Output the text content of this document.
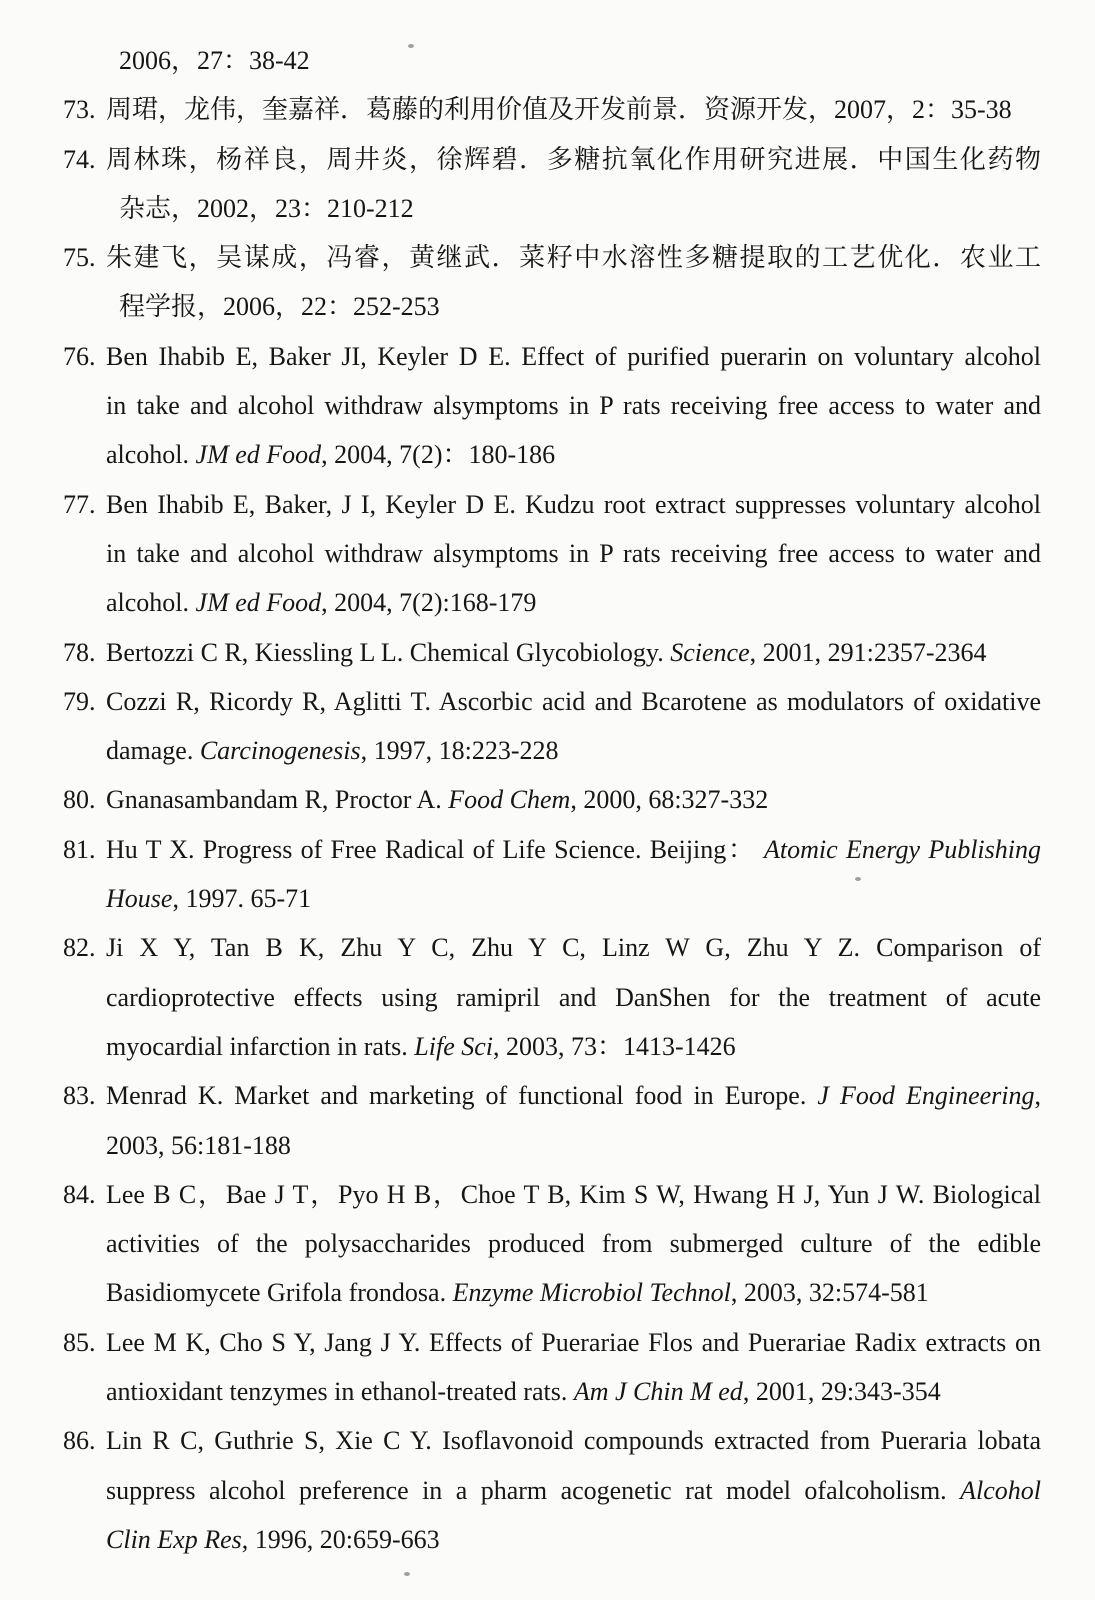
2006，27：38-42
73. 周珺，龙伟，奎嘉祥．葛藤的利用价值及开发前景．资源开发，2007，2：35-38
74. 周林珠，杨祥良，周井炎，徐辉碧．多糖抗氧化作用研究进展．中国生化药物
杂志，2002，23：210-212
75. 朱建飞，吴谋成，冯睿，黄继武．菜籽中水溶性多糖提取的工艺优化．农业工
程学报，2006，22：252-253
76. Ben Ihabib E, Baker JI, Keyler D E. Effect of purified puerarin on voluntary alcohol
in take and alcohol withdraw alsymptoms in P rats receiving free access to water and
alcohol. JM ed Food, 2004, 7(2)：180-186
77. Ben Ihabib E, Baker, J I, Keyler D E. Kudzu root extract suppresses voluntary alcohol
in take and alcohol withdraw alsymptoms in P rats receiving free access to water and
alcohol. JM ed Food, 2004, 7(2):168-179
78. Bertozzi C R, Kiessling L L. Chemical Glycobiology. Science, 2001, 291:2357-2364
79. Cozzi R, Ricordy R, Aglitti T. Ascorbic acid and Bcarotene as modulators of oxidative
damage. Carcinogenesis, 1997, 18:223-228
80. Gnanasambandam R, Proctor A. Food Chem, 2000, 68:327-332
81. Hu T X. Progress of Free Radical of Life Science. Beijing： Atomic Energy Publishing
House, 1997. 65-71
82. Ji X Y, Tan B K, Zhu Y C, Zhu Y C, Linz W G, Zhu Y Z. Comparison of
cardioprotective effects using ramipril and DanShen for the treatment of acute
myocardial infarction in rats. Life Sci, 2003, 73：1413-1426
83. Menrad K. Market and marketing of functional food in Europe. J Food Engineering,
2003, 56:181-188
84. Lee B C，Bae J T，Pyo H B，Choe T B, Kim S W, Hwang H J, Yun J W. Biological
activities of the polysaccharides produced from submerged culture of the edible
Basidiomycete Grifola frondosa. Enzyme Microbiol Technol, 2003, 32:574-581
85. Lee M K, Cho S Y, Jang J Y. Effects of Puerariae Flos and Puerariae Radix extracts on
antioxidant tenzymes in ethanol-treated rats. Am J Chin M ed, 2001, 29:343-354
86. Lin R C, Guthrie S, Xie C Y. Isoflavonoid compounds extracted from Pueraria lobata
suppress alcohol preference in a pharm acogenetic rat model ofalcoholism. Alcohol
Clin Exp Res, 1996, 20:659-663
